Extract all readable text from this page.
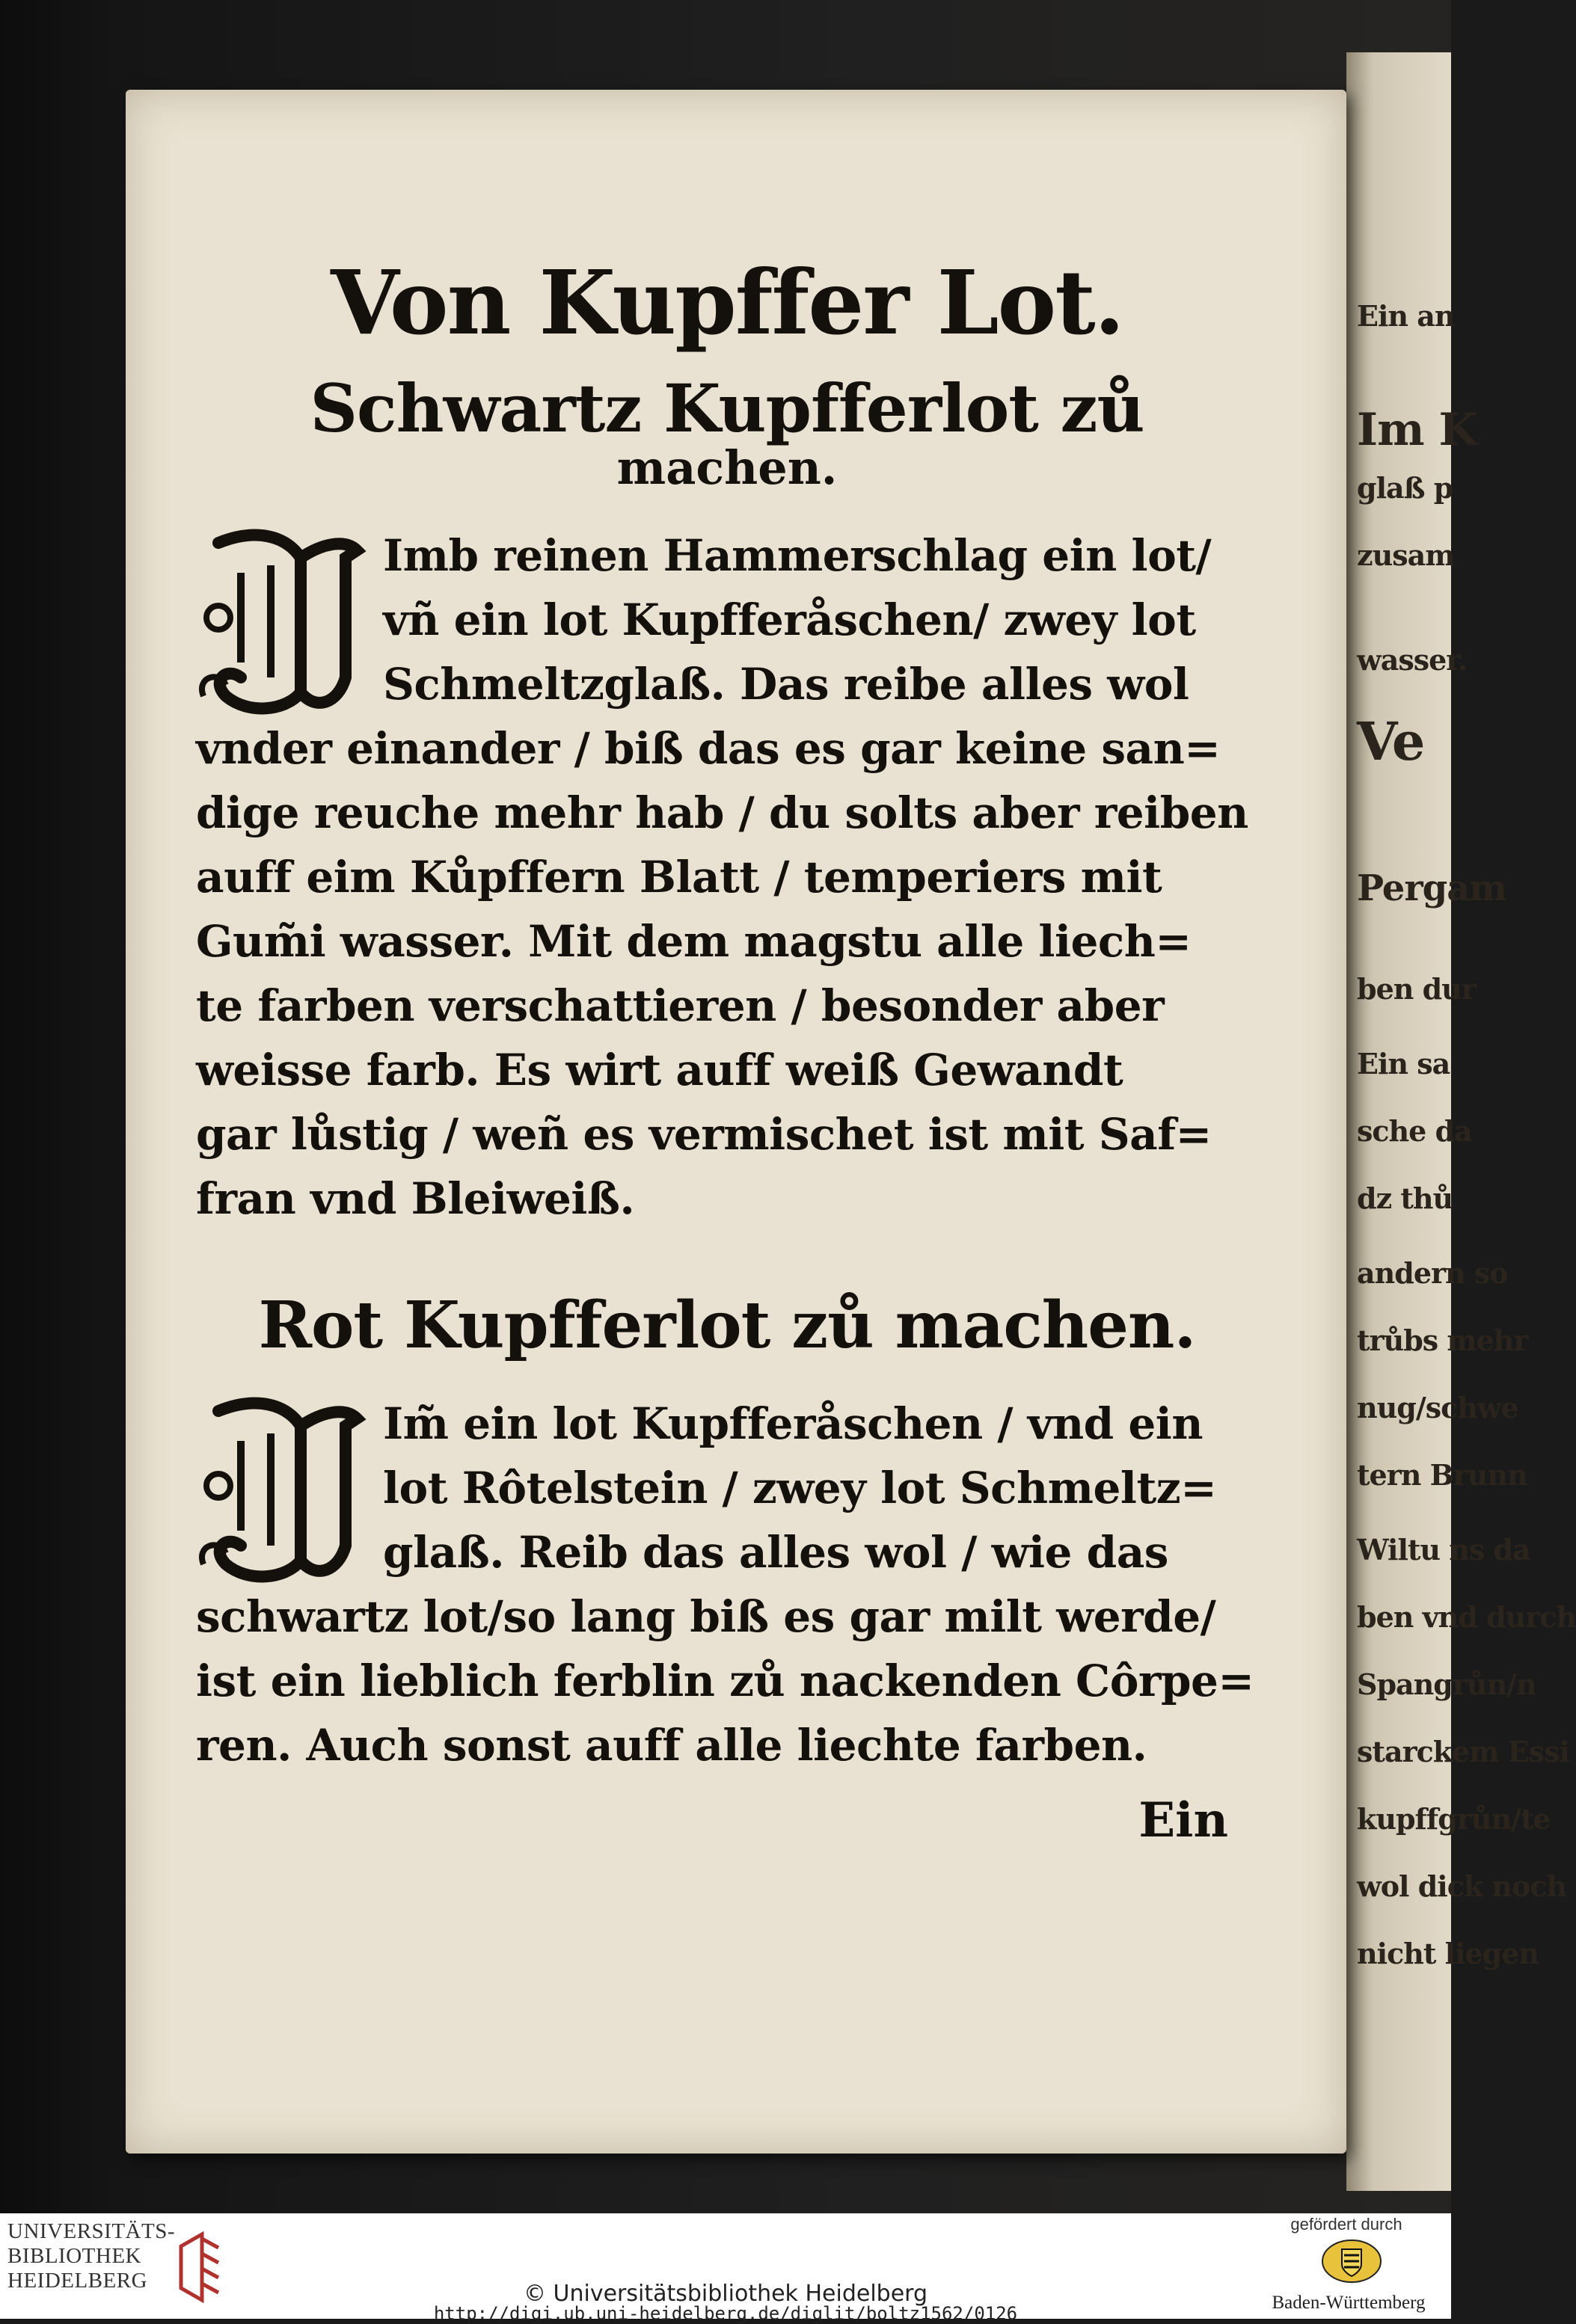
Ein an
Im K
glaß p
zusam
wasser.
Ve
Pergam
ben dur
Ein sa
sche da
dz thů
andern so
trůbs mehr
nug/schwe
tern Brunn
Wiltu ns da
ben vnd durch
Spangrůn/n
starckem Essi
kupffgrůn/te
wol dick noch
nicht liegen
Von Kupffer Lot.
Schwartz Kupfferlot zů
machen.
Imb reinen Hammerschlag ein lot/
vñ ein lot Kupfferåschen/ zwey lot
Schmeltzglaß. Das reibe alles wol
vnder einander / biß das es gar keine san=
dige reuche mehr hab / du solts aber reiben
auff eim Kůpffern Blatt / temperiers mit
Gum̃i wasser. Mit dem magstu alle liech=
te farben verschattieren / besonder aber
weisse farb. Es wirt auff weiß Gewandt
gar lůstig / weñ es vermischet ist mit Saf=
fran vnd Bleiweiß.
Rot Kupfferlot zů machen.
Im̃ ein lot Kupfferåschen / vnd ein
lot Rôtelstein / zwey lot Schmeltz=
glaß. Reib das alles wol / wie das
schwartz lot/so lang biß es gar milt werde/
ist ein lieblich ferblin zů nackenden Côrpe=
ren. Auch sonst auff alle liechte farben.
Ein
UNIVERSITÄTS-
BIBLIOTHEK
HEIDELBERG	© Universitätsbibliothek Heidelberg
http://digi.ub.uni-heidelberg.de/diglit/boltz1562/0126
gefördert durch
Baden-Württemberg
